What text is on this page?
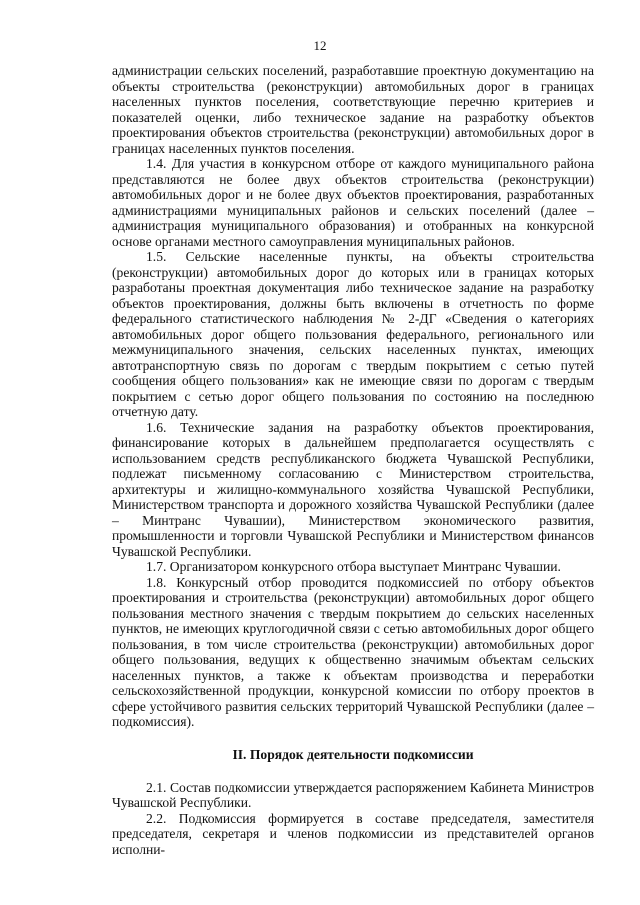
12

администрации сельских поселений, разработавшие проектную документацию на объекты строительства (реконструкции) автомобильных дорог в границах населенных пунктов поселения, соответствующие перечню критериев и показателей оценки, либо техническое задание на разработку объектов проектирования объектов строительства (реконструкции) автомобильных дорог в границах населенных пунктов поселения.

1.4. Для участия в конкурсном отборе от каждого муниципального района представляются не более двух объектов строительства (реконструкции) автомобильных дорог и не более двух объектов проектирования, разработанных администрациями муниципальных районов и сельских поселений (далее – администрация муниципального образования) и отобранных на конкурсной основе органами местного самоуправления муниципальных районов.

1.5. Сельские населенные пункты, на объекты строительства (реконструкции) автомобильных дорог до которых или в границах которых разработаны проектная документация либо техническое задание на разработку объектов проектирования, должны быть включены в отчетность по форме федерального статистического наблюдения № 2-ДГ «Сведения о категориях автомобильных дорог общего пользования федерального, регионального или межмуниципального значения, сельских населенных пунктах, имеющих автотранспортную связь по дорогам с твердым покрытием с сетью путей сообщения общего пользования» как не имеющие связи по дорогам с твердым покрытием с сетью дорог общего пользования по состоянию на последнюю отчетную дату.

1.6. Технические задания на разработку объектов проектирования, финансирование которых в дальнейшем предполагается осуществлять с использованием средств республиканского бюджета Чувашской Республики, подлежат письменному согласованию с Министерством строительства, архитектуры и жилищно-коммунального хозяйства Чувашской Республики, Министерством транспорта и дорожного хозяйства Чувашской Республики (далее – Минтранс Чувашии), Министерством экономического развития, промышленности и торговли Чувашской Республики и Министерством финансов Чувашской Республики.

1.7. Организатором конкурсного отбора выступает Минтранс Чувашии.

1.8. Конкурсный отбор проводится подкомиссией по отбору объектов проектирования и строительства (реконструкции) автомобильных дорог общего пользования местного значения с твердым покрытием до сельских населенных пунктов, не имеющих круглогодичной связи с сетью автомобильных дорог общего пользования, в том числе строительства (реконструкции) автомобильных дорог общего пользования, ведущих к общественно значимым объектам сельских населенных пунктов, а также к объектам производства и переработки сельскохозяйственной продукции, конкурсной комиссии по отбору проектов в сфере устойчивого развития сельских территорий Чувашской Республики (далее – подкомиссия).

II. Порядок деятельности подкомиссии

2.1. Состав подкомиссии утверждается распоряжением Кабинета Министров Чувашской Республики.

2.2. Подкомиссия формируется в составе председателя, заместителя председателя, секретаря и членов подкомиссии из представителей органов исполни-
